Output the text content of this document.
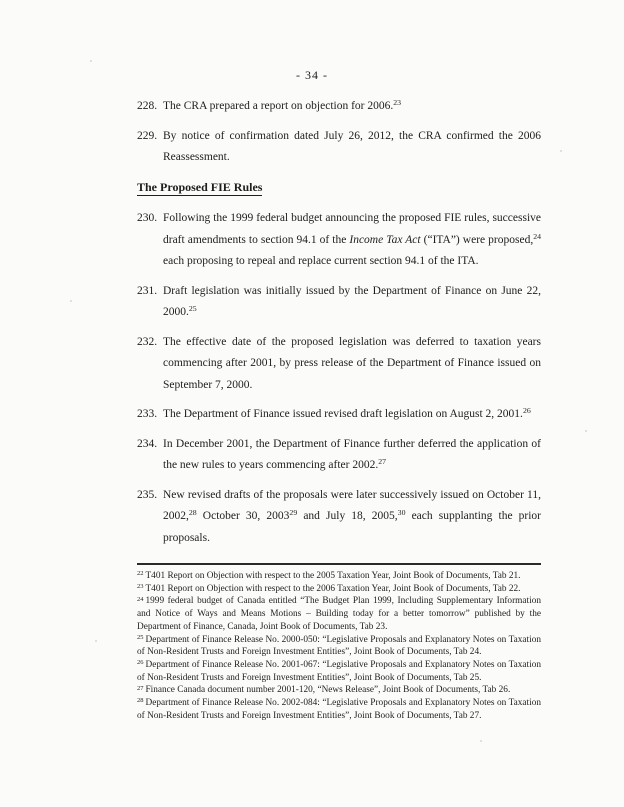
- 34 -
228. The CRA prepared a report on objection for 2006.23
229. By notice of confirmation dated July 26, 2012, the CRA confirmed the 2006 Reassessment.
The Proposed FIE Rules
230. Following the 1999 federal budget announcing the proposed FIE rules, successive draft amendments to section 94.1 of the Income Tax Act (“ITA”) were proposed,$^{24}$ each proposing to repeal and replace current section 94.1 of the ITA.
231. Draft legislation was initially issued by the Department of Finance on June 22, 2000.25
232. The effective date of the proposed legislation was deferred to taxation years commencing after 2001, by press release of the Department of Finance issued on September 7, 2000.
233. The Department of Finance issued revised draft legislation on August 2, 2001.26
234. In December 2001, the Department of Finance further deferred the application of the new rules to years commencing after 2002.27
235. New revised drafts of the proposals were later successively issued on October 11, 2002,28 October 30, 2003$^{29}$ and July 18, 2005,30 each supplanting the prior proposals.

$^{22}$ T401 Report on Objection with respect to the 2005 Taxation Year, Joint Book of Documents, Tab 21.

$^{23}$ T401 Report on Objection with respect to the 2006 Taxation Year, Joint Book of Documents, Tab 22.

$^{24}$ 1999 federal budget of Canada entitled “The Budget Plan 1999, Including Supplementary Information and Notice of Ways and Means Motions – Building today for a better tomorrow” published by the Department of Finance, Canada, Joint Book of Documents, Tab 23.

$^{25}$ Department of Finance Release No. 2000-050: “Legislative Proposals and Explanatory Notes on Taxation of Non-Resident Trusts and Foreign Investment Entities”, Joint Book of Documents, Tab 24.

$^{26}$ Department of Finance Release No. 2001-067: “Legislative Proposals and Explanatory Notes on Taxation of Non-Resident Trusts and Foreign Investment Entities”, Joint Book of Documents, Tab 25.

$^{27}$ Finance Canada document number 2001-120, “News Release”, Joint Book of Documents, Tab 26.

$^{28}$ Department of Finance Release No. 2002-084: “Legislative Proposals and Explanatory Notes on Taxation of Non-Resident Trusts and Foreign Investment Entities”, Joint Book of Documents, Tab 27.
